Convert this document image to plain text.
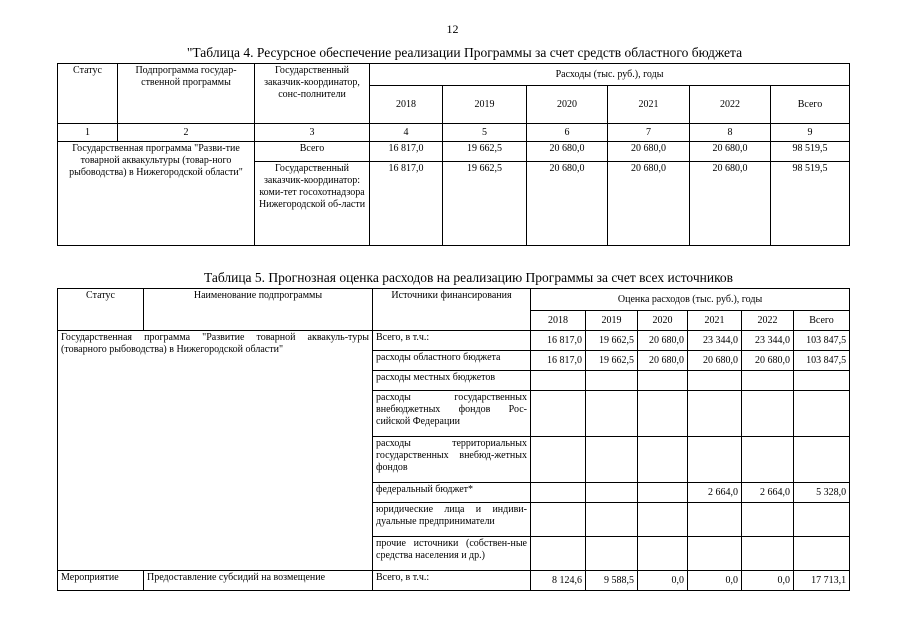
12
"Таблица 4. Ресурсное обеспечение реализации Программы за счет средств областного бюджета
Статус	Подпрограмма государ-ственной программы	Государственный заказчик-координатор, сонс-полнители	Расходы (тыс. руб.), годы					
			2018	2019	2020	2021	2022	Всего
1	2	3	4	5	6	7	8	9
Государственная программа "Разви-тие товарной аквакультуры (товар-ного рыбоводства) в Нижегородской области"		Всего	16 817,0	19 662,5	20 680,0	20 680,0	20 680,0	98 519,5
		Государственный заказчик-координатор: коми-тет госохотнадзора Нижегородской об-ласти	16 817,0	19 662,5	20 680,0	20 680,0	20 680,0	98 519,5
Таблица 5. Прогнозная оценка расходов на реализацию Программы за счет всех источников
Статус	Наименование подпрограммы	Источники финансирования	Оценка расходов (тыс. руб.), годы					
			2018	2019	2020	2021	2022	Всего
Государственная программа "Развитие товарной аквакуль-туры (товарного рыбоводства) в Нижегородской области"		Всего, в т.ч.:	16 817,0	19 662,5	20 680,0	23 344,0	23 344,0	103 847,5
		расходы областного бюджета	16 817,0	19 662,5	20 680,0	20 680,0	20 680,0	103 847,5
		расходы местных бюджетов						
		расходы государственных внебюджетных фондов Рос-сийской Федерации						
		расходы территориальных государственных внебюд-жетных фондов						
		федеральный бюджет*				2 664,0	2 664,0	5 328,0
		юридические лица и индиви-дуальные предприниматели						
		прочие источники (собствен-ные средства населения и др.)						
Мероприятие	Предоставление субсидий на возмещение	Всего, в т.ч.:	8 124,6	9 588,5	0,0	0,0	0,0	17 713,1
